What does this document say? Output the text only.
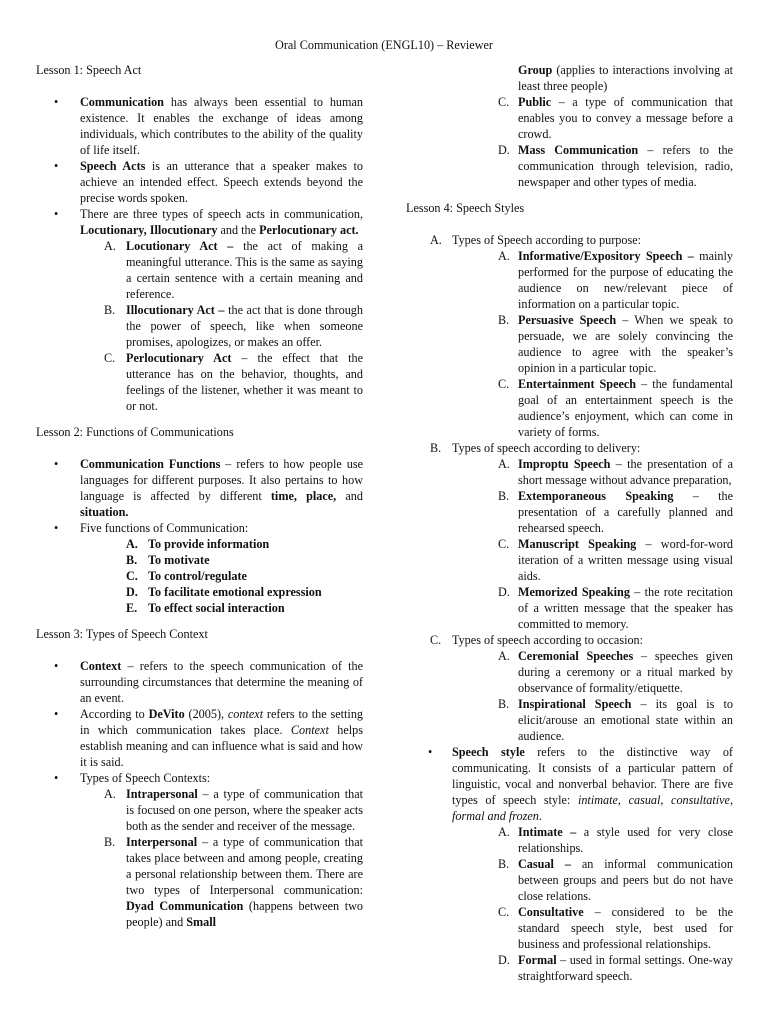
Oral Communication (ENGL10) – Reviewer

Lesson 1: Speech Act

• Communication has always been essential to human existence. It enables the exchange of ideas among individuals, which contributes to the ability of the quality of life itself.
• Speech Acts is an utterance that a speaker makes to achieve an intended effect. Speech extends beyond the precise words spoken.
• There are three types of speech acts in communication, Locutionary, Illocutionary and the Perlocutionary act.
A. Locutionary Act – the act of making a meaningful utterance. This is the same as saying a certain sentence with a certain meaning and reference.
B. Illocutionary Act – the act that is done through the power of speech, like when someone promises, apologizes, or makes an offer.
C. Perlocutionary Act – the effect that the utterance has on the behavior, thoughts, and feelings of the listener, whether it was meant to or not.

Lesson 2: Functions of Communications

• Communication Functions – refers to how people use languages for different purposes. It also pertains to how language is affected by different time, place, and situation.
• Five functions of Communication:
A. To provide information
B. To motivate
C. To control/regulate
D. To facilitate emotional expression
E. To effect social interaction

Lesson 3: Types of Speech Context

• Context – refers to the speech communication of the surrounding circumstances that determine the meaning of an event.
• According to DeVito (2005), context refers to the setting in which communication takes place. Context helps establish meaning and can influence what is said and how it is said.
• Types of Speech Contexts:
A. Intrapersonal – a type of communication that is focused on one person, where the speaker acts both as the sender and receiver of the message.
B. Interpersonal – a type of communication that takes place between and among people, creating a personal relationship between them. There are two types of Interpersonal communication: Dyad Communication (happens between two people) and Small
Group (applies to interactions involving at least three people)
C. Public – a type of communication that enables you to convey a message before a crowd.
D. Mass Communication – refers to the communication through television, radio, newspaper and other types of media.

Lesson 4: Speech Styles

A. Types of Speech according to purpose:
A. Informative/Expository Speech – mainly performed for the purpose of educating the audience on new/relevant piece of information on a particular topic.
B. Persuasive Speech – When we speak to persuade, we are solely convincing the audience to agree with the speaker’s opinion in a particular topic.
C. Entertainment Speech – the fundamental goal of an entertainment speech is the audience’s enjoyment, which can come in variety of forms.
B. Types of speech according to delivery:
A. Improptu Speech – the presentation of a short message without advance preparation,
B. Extemporaneous Speaking – the presentation of a carefully planned and rehearsed speech.
C. Manuscript Speaking – word-for-word iteration of a written message using visual aids.
D. Memorized Speaking – the rote recitation of a written message that the speaker has committed to memory.
C. Types of speech according to occasion:
A. Ceremonial Speeches – speeches given during a ceremony or a ritual marked by observance of formality/etiquette.
B. Inspirational Speech – its goal is to elicit/arouse an emotional state within an audience.
• Speech style refers to the distinctive way of communicating. It consists of a particular pattern of linguistic, vocal and nonverbal behavior. There are five types of speech style: intimate, casual, consultative, formal and frozen.
A. Intimate – a style used for very close relationships.
B. Casual – an informal communication between groups and peers but do not have close relations.
C. Consultative – considered to be the standard speech style, best used for business and professional relationships.
D. Formal – used in formal settings. One-way straightforward speech.
